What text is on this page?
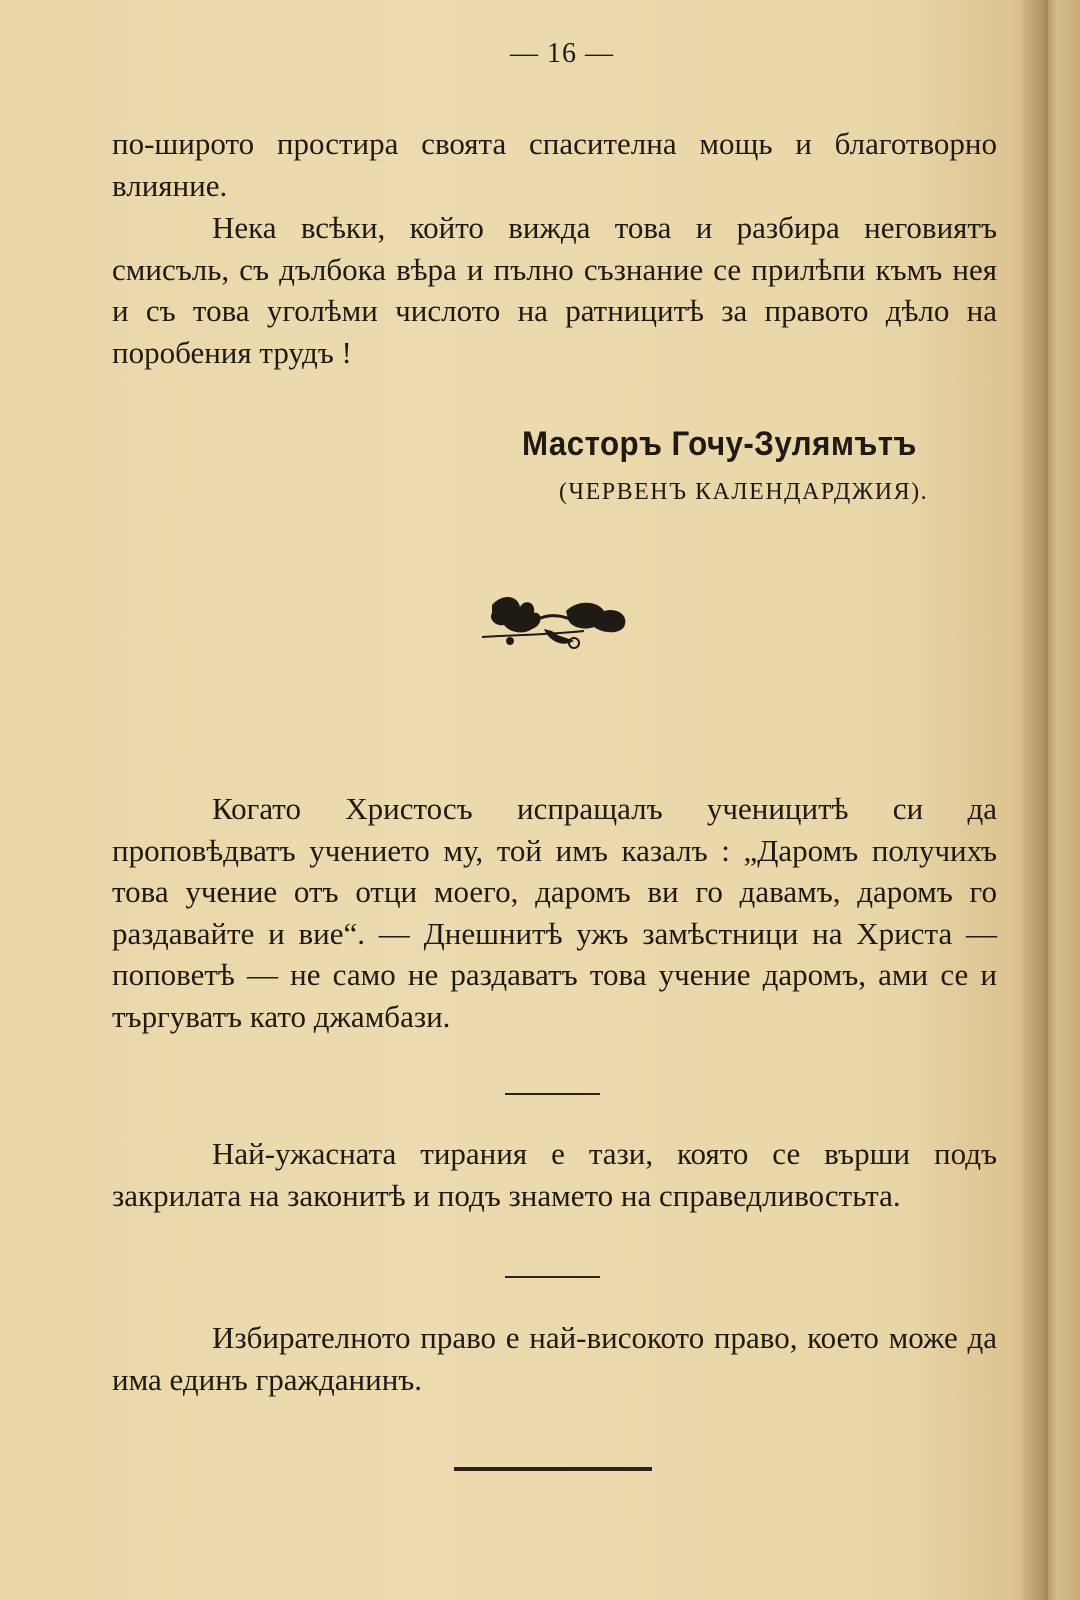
— 16 —

по-широто простира своята спасителна мощь и благотворно влияние.

Нека всѣки, който вижда това и разбира неговиятъ смисъль, съ дълбока вѣра и пълно съзнание се прилѣпи къмъ нея и съ това уголѣми числото на ратницитѣ за правото дѣло на поробения трудъ !

Масторъ Гочу-Зулямътъ
(ЧЕРВЕНЪ КАЛЕНДАРДЖИЯ).

Когато Христосъ испращалъ ученицитѣ си да проповѣдватъ учението му, той имъ казалъ : „Даромъ получихъ това учение отъ отци моего, даромъ ви го давамъ, даромъ го раздавайте и вие“. — Днешнитѣ ужъ замѣстници на Христа — поповетѣ — не само не раздаватъ това учение даромъ, ами се и търгуватъ като джамбази.

Най-ужасната тирания е тази, която се върши подъ закрилата на законитѣ и подъ знамето на справедливостьта.

Избирателното право е най-високото право, което може да има единъ гражданинъ.
